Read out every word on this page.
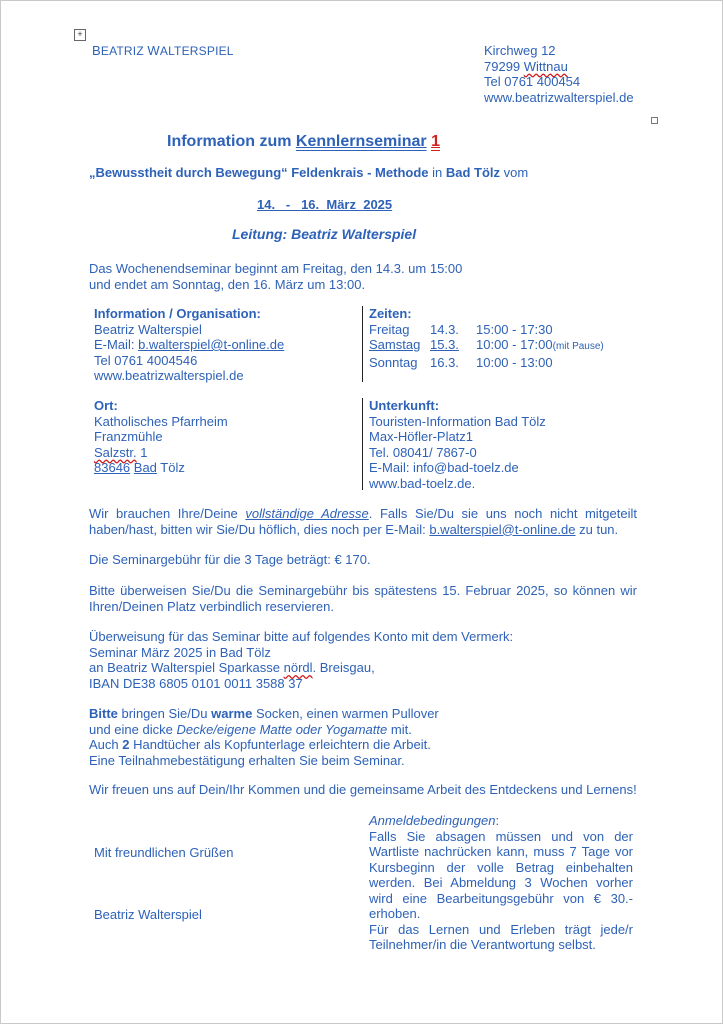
+
BEATRIZ WALTERSPIEL	Kirchweg 12
79299 Wittnau
Tel 0761 400454
www.beatrizwalterspiel.de
Information zum Kennlernseminar 1
„Bewusstheit durch Bewegung“ Feldenkrais - Methode in Bad Tölz vom
14.   -   16.  März  2025
Leitung: Beatriz Walterspiel
Das Wochenendseminar beginnt am Freitag, den 14.3. um 15:00
und endet am Sonntag, den 16. März um 13:00.
Information / Organisation:
Beatriz Walterspiel
E-Mail: b.walterspiel@t-online.de
Tel 0761 4004546
www.beatrizwalterspiel.de
Zeiten:
Freitag 14.3. 15:00 - 17:30
Samstag 15.3. 10:00 - 17:00(mit Pause)
Sonntag 16.3. 10:00 - 13:00
Ort:
Katholisches Pfarrheim
Franzmühle
Salzstr. 1
83646 Bad Tölz
Unterkunft:
Touristen-Information Bad Tölz
Max-Höfler-Platz1
Tel. 08041/ 7867-0
E-Mail: info@bad-toelz.de
www.bad-toelz.de.
Wir brauchen Ihre/Deine vollständige Adresse. Falls Sie/Du sie uns noch nicht mitgeteilt haben/hast, bitten wir Sie/Du höflich, dies noch per E-Mail: b.walterspiel@t-online.de zu tun.
Die Seminargebühr für die 3 Tage beträgt: € 170.
Bitte überweisen Sie/Du die Seminargebühr bis spätestens 15. Februar 2025, so können wir Ihren/Deinen Platz verbindlich reservieren.
Überweisung für das Seminar bitte auf folgendes Konto mit dem Vermerk:
Seminar März 2025 in Bad Tölz
an Beatriz Walterspiel Sparkasse nördl. Breisgau,
IBAN DE38 6805 0101 0011 3588 37
Bitte bringen Sie/Du warme Socken, einen warmen Pullover
und eine dicke Decke/eigene Matte oder Yogamatte mit.
Auch 2 Handtücher als Kopfunterlage erleichtern die Arbeit.
Eine Teilnahmebestätigung erhalten Sie beim Seminar.
Wir freuen uns auf Dein/Ihr Kommen und die gemeinsame Arbeit des Entdeckens und Lernens!
Mit freundlichen Grüßen
Beatriz Walterspiel
Anmeldebedingungen:
Falls Sie absagen müssen und von der Wartliste nachrücken kann, muss 7 Tage vor Kursbeginn der volle Betrag einbehalten werden. Bei Abmeldung 3 Wochen vorher wird eine Bearbeitungsgebühr von € 30.- erhoben.
Für das Lernen und Erleben trägt jede/r Teilnehmer/in die Verantwortung selbst.
